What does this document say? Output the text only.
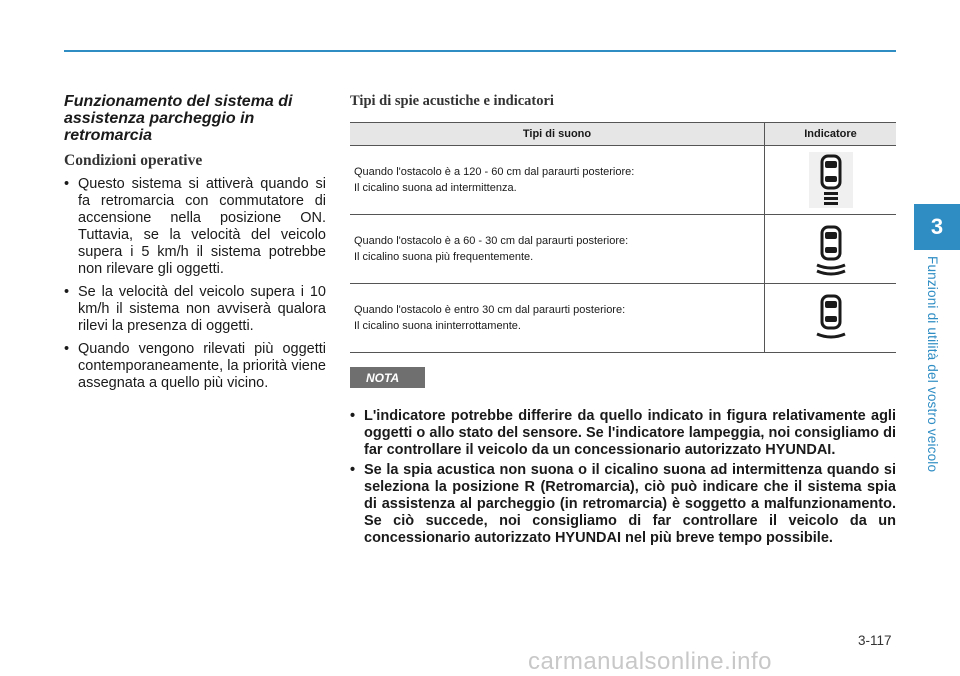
3
Funzioni di utilità del vostro veicolo
Funzionamento del sistema di assistenza parcheggio in retromarcia
Condizioni operative
• Questo sistema si attiverà quando si fa retromarcia con commutatore di accensione nella posizione ON. Tuttavia, se la velocità del veicolo supera i 5 km/h il sistema potrebbe non rilevare gli oggetti.
• Se la velocità del veicolo supera i 10 km/h il sistema non avviserà qualora rilevi la presenza di oggetti.
• Quando vengono rilevati più oggetti contemporaneamente, la priorità viene assegnata a quello più vicino.
Tipi di spie acustiche e indicatori
Tipi di suono	Indicatore
Quando l'ostacolo è a 120 - 60 cm dal paraurti posteriore:
Il cicalino suona ad intermittenza.	
Quando l'ostacolo è a 60 - 30 cm dal paraurti posteriore:
Il cicalino suona più frequentemente.	
Quando l'ostacolo è entro 30 cm dal paraurti posteriore:
Il cicalino suona ininterrottamente.	
NOTA
• L'indicatore potrebbe differire da quello indicato in figura relativamente agli oggetti o allo stato del sensore. Se l'indicatore lampeggia, noi consigliamo di far controllare il veicolo da un concessionario autorizzato HYUNDAI.
• Se la spia acustica non suona o il cicalino suona ad intermittenza quando si seleziona la posizione R (Retromarcia), ciò può indicare che il sistema spia di assistenza al parcheggio (in retromarcia) è soggetto a malfunzionamento. Se ciò succede, noi consigliamo di far controllare il veicolo da un concessionario autorizzato HYUNDAI nel più breve tempo possibile.
3-117
carmanualsonline.info
